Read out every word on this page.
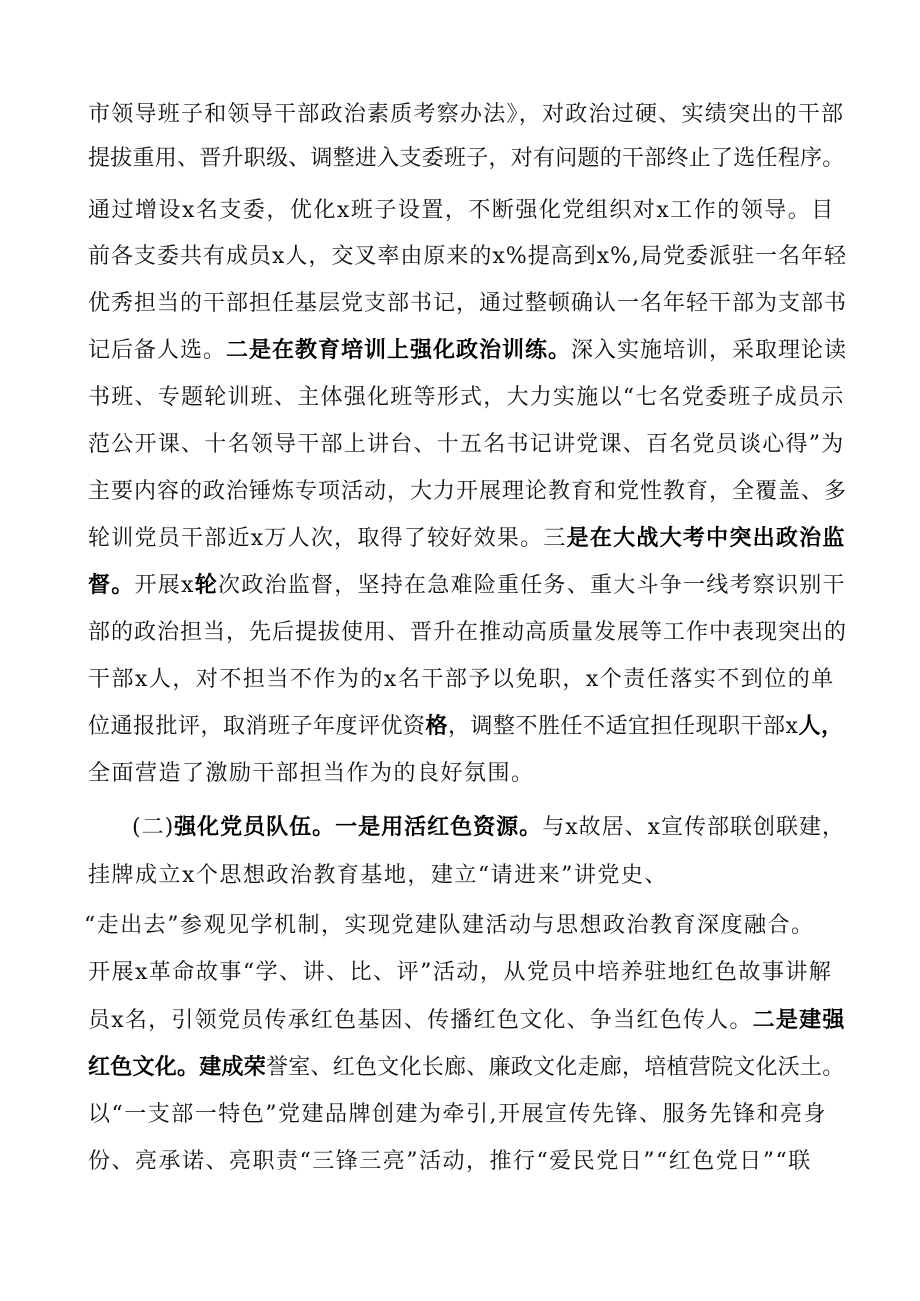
市领导班子和领导干部政治素质考察办法》，对政治过硬、实绩突出的干部
提拔重用、晋升职级、调整进入支委班子，对有问题的干部终止了选任程序。
通过增设x名支委，优化x班子设置，不断强化党组织对x工作的领导。目
前各支委共有成员x人，交叉率由原来的x%提高到x%,局党委派驻一名年轻
优秀担当的干部担任基层党支部书记，通过整顿确认一名年轻干部为支部书
记后备人选。二是在教育培训上强化政治训练。深入实施培训，采取理论读
书班、专题轮训班、主体强化班等形式，大力实施以“七名党委班子成员示
范公开课、十名领导干部上讲台、十五名书记讲党课、百名党员谈心得”为
主要内容的政治锤炼专项活动，大力开展理论教育和党性教育，全覆盖、多
轮训党员干部近x万人次，取得了较好效果。三是在大战大考中突出政治监
督。开展x轮次政治监督，坚持在急难险重任务、重大斗争一线考察识别干
部的政治担当，先后提拔使用、晋升在推动高质量发展等工作中表现突出的
干部x人，对不担当不作为的x名干部予以免职，x个责任落实不到位的单
位通报批评，取消班子年度评优资格，调整不胜任不适宜担任现职干部x人，
全面营造了激励干部担当作为的良好氛围。
(二)强化党员队伍。一是用活红色资源。与x故居、x宣传部联创联建，
挂牌成立x个思想政治教育基地，建立“请进来”讲党史、
“走出去”参观见学机制，实现党建队建活动与思想政治教育深度融合。
开展x革命故事“学、讲、比、评”活动，从党员中培养驻地红色故事讲解
员x名，引领党员传承红色基因、传播红色文化、争当红色传人。二是建强
红色文化。建成荣誉室、红色文化长廊、廉政文化走廊，培植营院文化沃土。
以“一支部一特色”党建品牌创建为牵引,开展宣传先锋、服务先锋和亮身
份、亮承诺、亮职责“三锋三亮”活动，推行“爱民党日”“红色党日”“联
